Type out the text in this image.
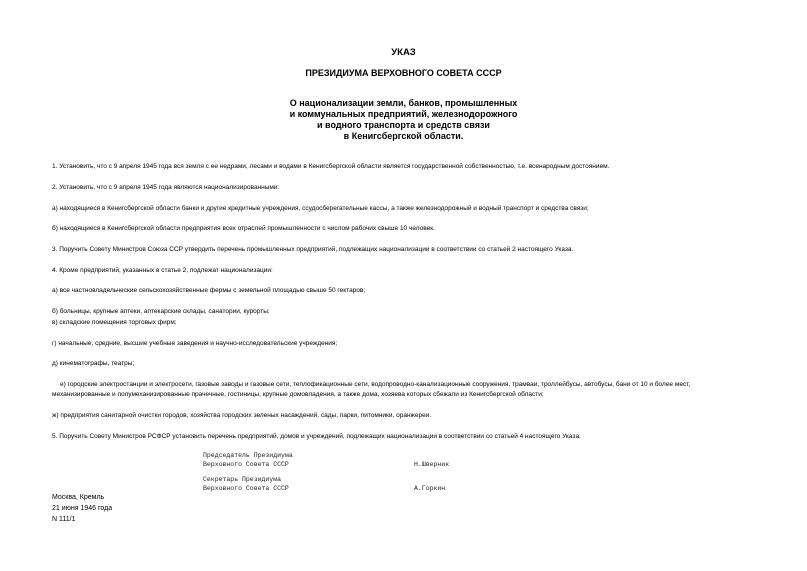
УКАЗ
ПРЕЗИДИУМА ВЕРХОВНОГО СОВЕТА СССР
О национализации земли, банков, промышленных
и коммунальных предприятий, железнодорожного
и водного транспорта и средств связи
в Кенигсбергской области.
1. Установить, что с 9 апреля 1945 года вся земля с ее недрами, лесами и водами в Кенигсбергской области является государственной собственностью, т.е. всенародным достоянием.
2. Установить, что с 9 апреля 1945 года являются национализированными:
а) находящиеся в Кенигсбергской области банки и другие кредитные учреждения, ссудосберегательные кассы, а также железнодорожный и водный транспорт и средства связи;
б) находящиеся в Кенигсбергской области предприятия всех отраслей промышленности с числом рабочих свыше 10 человек.
3. Поручить Совету Министров Союза ССР утвердить перечень промышленных предприятий, подлежащих национализации в соответствии со статьей 2 настоящего Указа.
4. Кроме предприятий, указанных в статье 2, подлежат национализации:
а) все частновладельческие сельскохозяйственные фермы с земельной площадью свыше 50 гектаров;
б) больницы, крупные аптеки, аптекарские склады, санатории, курорты;
в) складские помещения торговых фирм;
г) начальные, средние, высшие учебные заведения и научно-исследовательские учреждения;
д) кинематографы, театры;
е) городские электростанции и электросети, газовые заводы и газовые сети, теплофикационные сети, водопроводно-канализационные сооружения, трамваи, троллейбусы, автобусы, бани от 10 и более мест,
механизированные и полумеханизированные прачечные, гостиницы, крупные домовладения, а также дома, хозяева которых сбежали из Кенигсбергской области;
ж) предприятия санитарной очистки городов, хозяйства городских зеленых насаждений, сады, парки, питомники, оранжереи.
5. Поручить Совету Министров РСФСР установить перечень предприятий, домов и учреждений, подлежащих национализации в соответствии со статьей 4 настоящего Указа.
Председатель Президиума
Верховного Совета СССР	Н.Шверник
Секретарь Президиума
Верховного Совета СССР	А.Горкин
Москва, Кремль
21 июня 1946 года
N 111/1
